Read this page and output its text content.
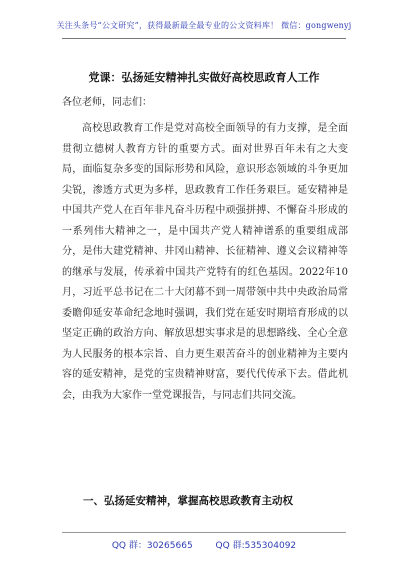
关注头条号“公文研究”，获得最新最全最专业的公文资料库！ 微信：gongwenyj
党课：弘扬延安精神扎实做好高校思政育人工作
各位老师，同志们：

高校思政教育工作是党对高校全面领导的有力支撑，是全面贯彻立德树人教育方针的重要方式。面对世界百年未有之大变局，面临复杂多变的国际形势和风险，意识形态领域的斗争更加尖锐，渗透方式更为多样，思政教育工作任务艰巨。延安精神是中国共产党人在百年非凡奋斗历程中顽强拼搏、不懈奋斗形成的一系列伟大精神之一，是中国共产党人精神谱系的重要组成部分，是伟大建党精神、井冈山精神、长征精神、遵义会议精神等的继承与发展，传承着中国共产党特有的红色基因。2022年10月，习近平总书记在二十大闭幕不到一周带领中共中央政治局常委瞻仰延安革命纪念地时强调，我们党在延安时期培育形成的以坚定正确的政治方向、解放思想实事求是的思想路线、全心全意为人民服务的根本宗旨、自力更生艰苦奋斗的创业精神为主要内容的延安精神，是党的宝贵精神财富，要代代传承下去。借此机会，由我为大家作一堂党课报告，与同志们共同交流。

一、弘扬延安精神，掌握高校思政教育主动权
QQ 群：30265665	QQ 群:535304092
